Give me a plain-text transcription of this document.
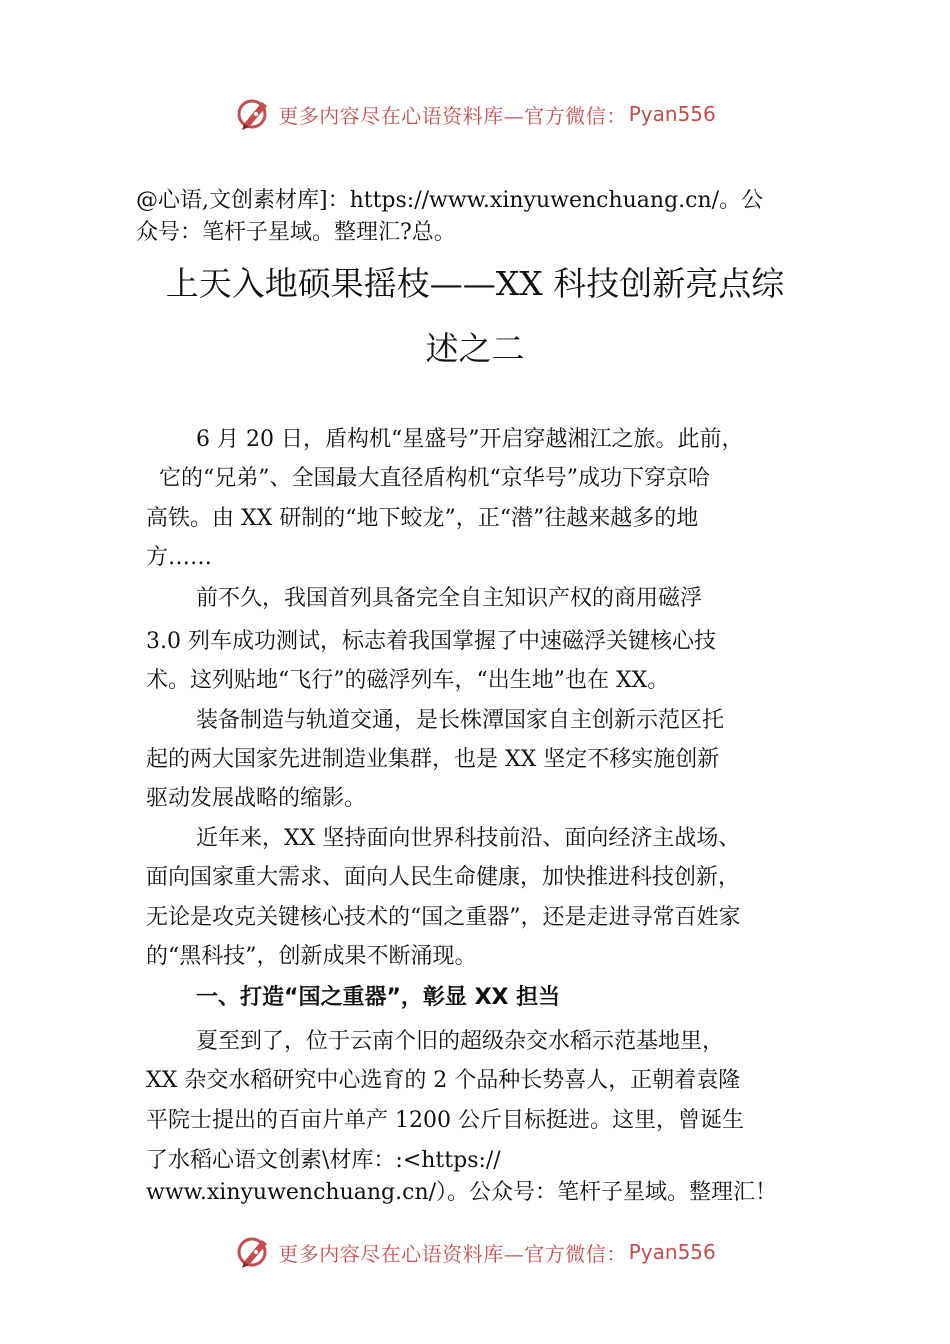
更多内容尽在心语资料库—官方微信： Pyan556
@心语,文创素材库]：https://www.xinyuwenchuang.cn/。公
众号：笔杆子星域。整理汇?总。
上天入地硕果摇枝——XX 科技创新亮点综
述之二
6 月 20 日，盾构机“星盛号”开启穿越湘江之旅。此前，
它的“兄弟”、全国最大直径盾构机“京华号”成功下穿京哈
高铁。由 XX 研制的“地下蛟龙”，正“潜”往越来越多的地
方……
前不久，我国首列具备完全自主知识产权的商用磁浮
3.0 列车成功测试，标志着我国掌握了中速磁浮关键核心技
术。这列贴地“飞行”的磁浮列车，“出生地”也在 XX。
装备制造与轨道交通，是长株潭国家自主创新示范区托
起的两大国家先进制造业集群，也是 XX 坚定不移实施创新
驱动发展战略的缩影。
近年来，XX 坚持面向世界科技前沿、面向经济主战场、
面向国家重大需求、面向人民生命健康，加快推进科技创新，
无论是攻克关键核心技术的“国之重器”，还是走进寻常百姓家
的“黑科技”，创新成果不断涌现。
一、打造“国之重器”，彰显 XX 担当
夏至到了，位于云南个旧的超级杂交水稻示范基地里，
XX 杂交水稻研究中心选育的 2 个品种长势喜人，正朝着袁隆
平院士提出的百亩片单产 1200 公斤目标挺进。这里，曾诞生
了水稻心语文创素\材库：:<https://
www.xinyuwenchuang.cn/）。公众号：笔杆子星域。整理汇！
更多内容尽在心语资料库—官方微信： Pyan556
